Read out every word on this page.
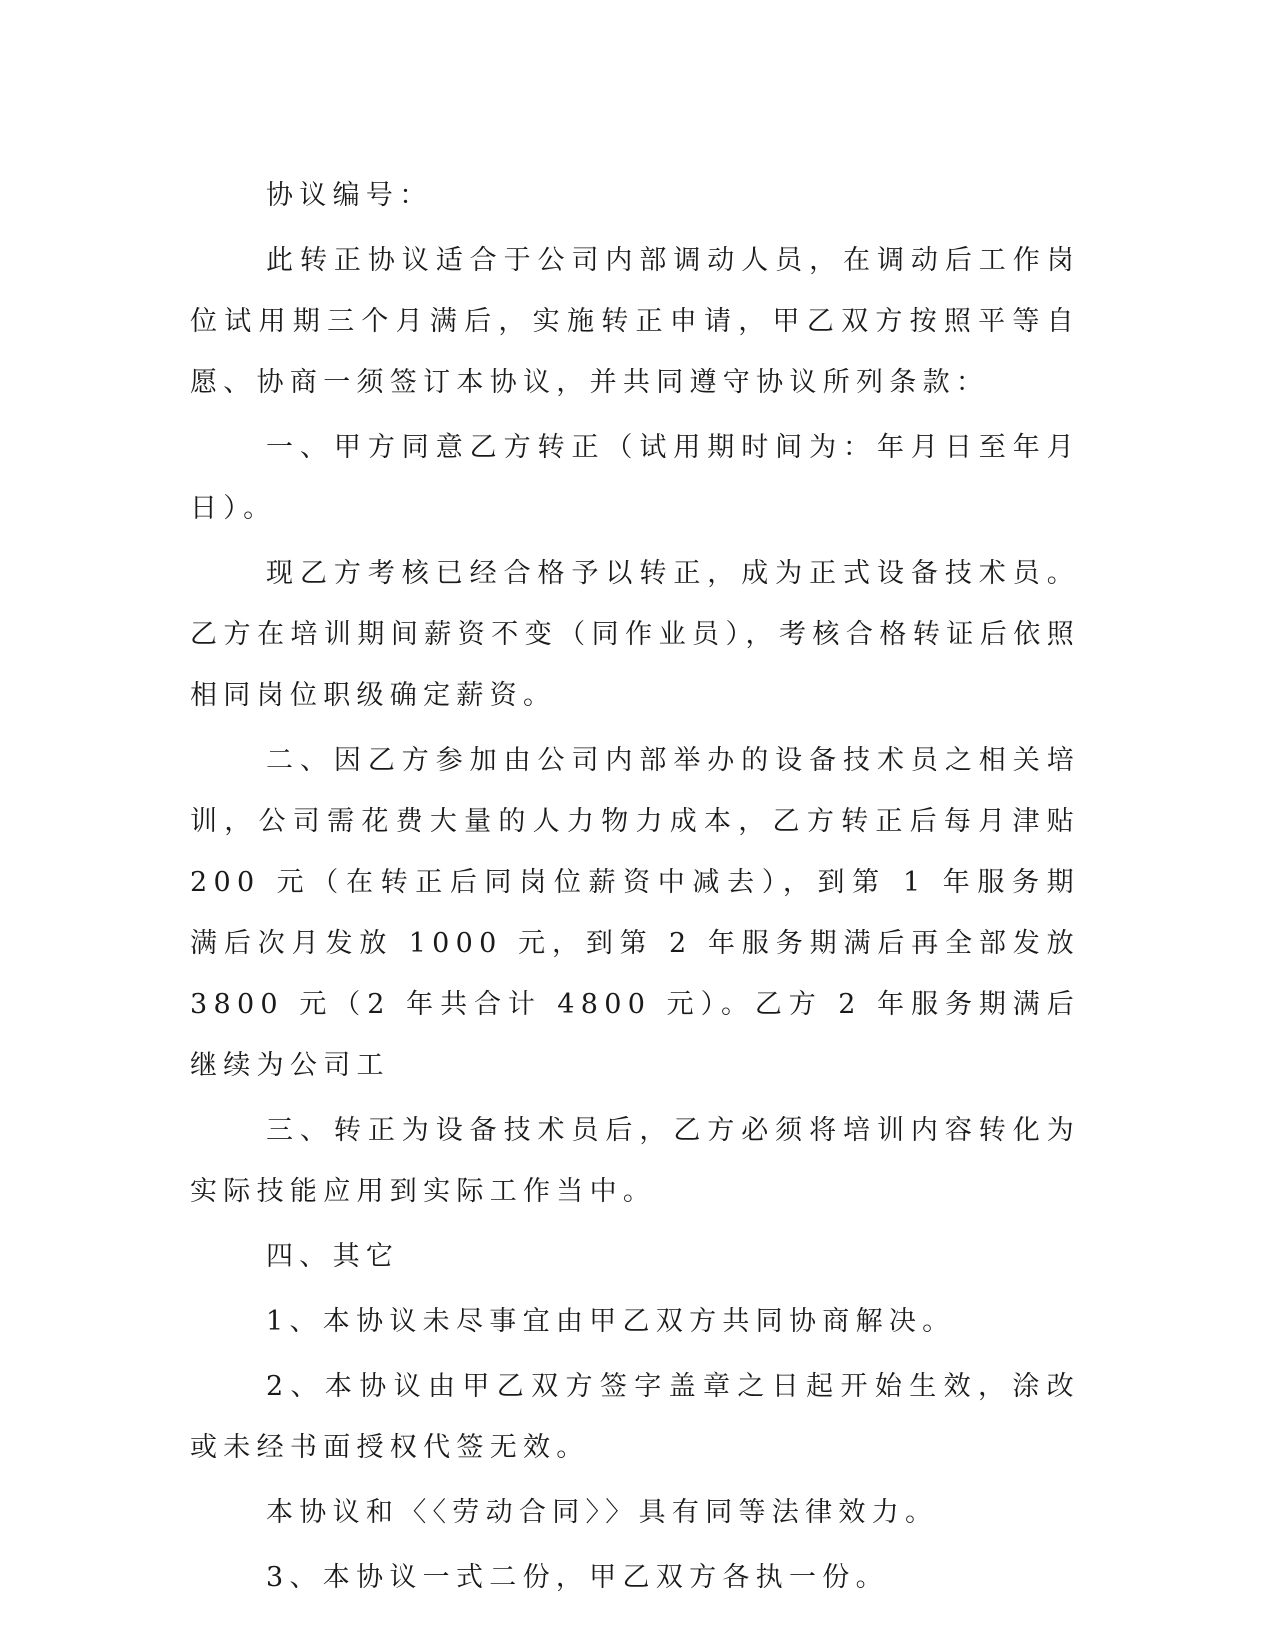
协议编号：

此转正协议适合于公司内部调动人员，在调动后工作岗位试用期三个月满后，实施转正申请，甲乙双方按照平等自愿、协商一须签订本协议，并共同遵守协议所列条款：

一、甲方同意乙方转正（试用期时间为：年月日至年月日）。

现乙方考核已经合格予以转正，成为正式设备技术员。乙方在培训期间薪资不变（同作业员），考核合格转证后依照相同岗位职级确定薪资。

二、因乙方参加由公司内部举办的设备技术员之相关培训，公司需花费大量的人力物力成本，乙方转正后每月津贴 200 元（在转正后同岗位薪资中减去），到第 1 年服务期满后次月发放 1000 元，到第 2 年服务期满后再全部发放 3800 元（2 年共合计 4800 元）。乙方 2 年服务期满后继续为公司工

三、转正为设备技术员后，乙方必须将培训内容转化为实际技能应用到实际工作当中。

四、其它

1、本协议未尽事宜由甲乙双方共同协商解决。

2、本协议由甲乙双方签字盖章之日起开始生效，涂改或未经书面授权代签无效。

本协议和〈〈劳动合同〉〉具有同等法律效力。

3、本协议一式二份，甲乙双方各执一份。
